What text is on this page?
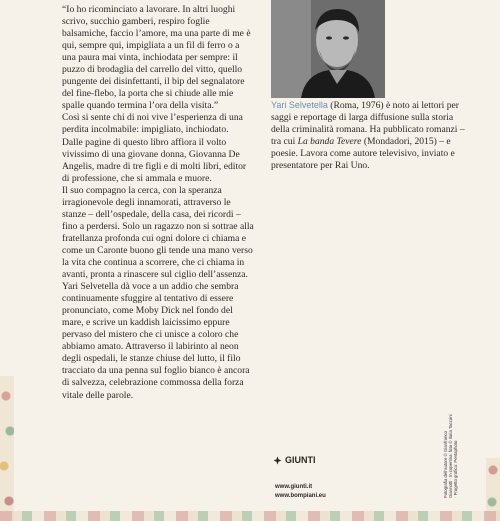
“Io ho ricominciato a lavorare. In altri luoghi scrivo, succhio gamberi, respiro foglie balsamiche, faccio l’amore, ma una parte di me è qui, sempre qui, impigliata a un fil di ferro o a una paura mai vinta, inchiodata per sempre: il puzzo di brodaglia del carrello del vitto, quello pungente dei disinfettanti, il bip del segnalatore del fine-flebo, la porta che si chiude alle mie spalle quando termina l’ora della visita.”

Così si sente chi di noi vive l’esperienza di una perdita incolmabile: impigliato, inchiodato.

Dalle pagine di questo libro affiora il volto vivissimo di una giovane donna, Giovanna De Angelis, madre di tre figli e di molti libri, editor di professione, che si ammala e muore.

Il suo compagno la cerca, con la speranza irragionevole degli innamorati, attraverso le stanze – dell’ospedale, della casa, dei ricordi – fino a perdersi. Solo un ragazzo non si sottrae alla fratellanza profonda cui ogni dolore ci chiama e come un Caronte buono gli tende una mano verso la vita che continua a scorrere, che ci chiama in avanti, pronta a rinascere sul ciglio dell’assenza.

Yari Selvetella dà voce a un addio che sembra continuamente sfuggire al tentativo di essere pronunciato, come Moby Dick nel fondo del mare, e scrive un kaddish laicissimo eppure pervaso del mistero che ci unisce a coloro che abbiamo amato. Attraverso il labirinto al neon degli ospedali, le stanze chiuse del lutto, il filo tracciato da una penna sul foglio bianco è ancora di salvezza, celebrazione commossa della forza vitale delle parole.

Yari Selvetella (Roma, 1976) è noto ai lettori per saggi e reportage di larga diffusione sulla storia della criminalità romana. Ha pubblicato romanzi – tra cui La banda Tevere (Mondadori, 2015) – e poesie. Lavora come autore televisivo, inviato e presentatore per Rai Uno.
Fotografia dell’autore © Gianfranco Giannotti · In copertina: foto © Ilaria Taccani · Progetto grafico: Pentaphoto
GIUNTI
www.giunti.it
www.bompiani.eu
